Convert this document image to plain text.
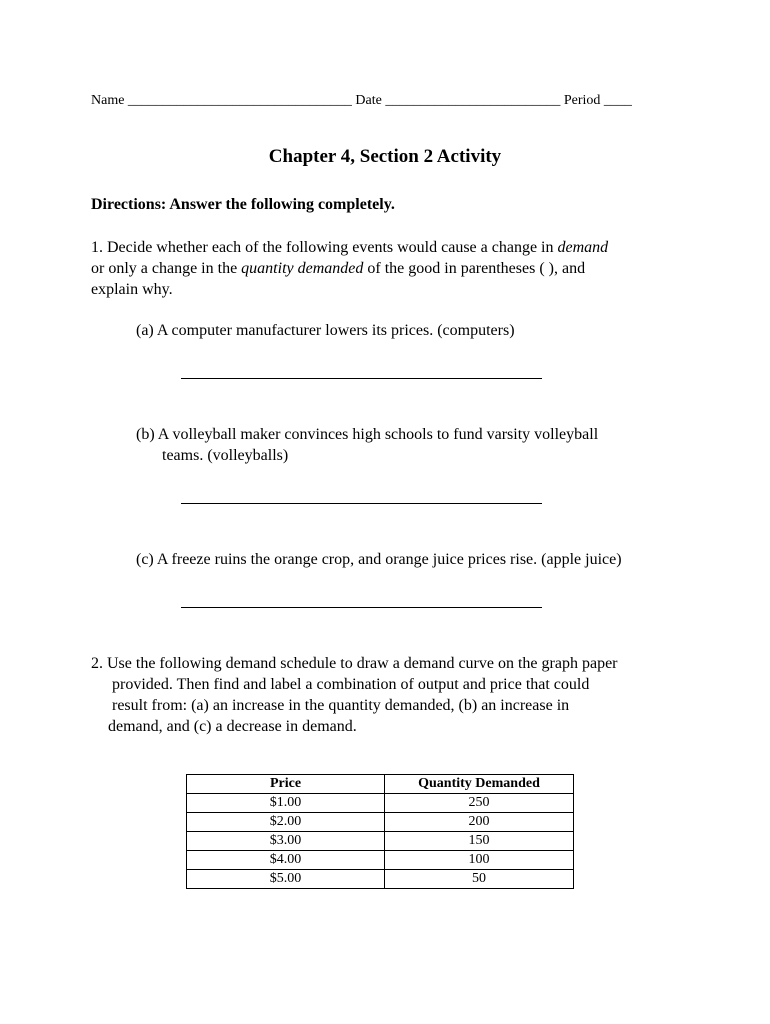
Name ________________________________ Date _________________________ Period ____
Chapter 4, Section 2 Activity
Directions: Answer the following completely.
1. Decide whether each of the following events would cause a change in demand
or only a change in the quantity demanded of the good in parentheses ( ), and
explain why.
(a) A computer manufacturer lowers its prices. (computers)
(b) A volleyball maker convinces high schools to fund varsity volleyball
teams. (volleyballs)
(c) A freeze ruins the orange crop, and orange juice prices rise. (apple juice)
2. Use the following demand schedule to draw a demand curve on the graph paper
provided. Then find and label a combination of output and price that could
result from: (a) an increase in the quantity demanded, (b) an increase in
demand, and (c) a decrease in demand.
Price	Quantity Demanded
$1.00	250
$2.00	200
$3.00	150
$4.00	100
$5.00	50
